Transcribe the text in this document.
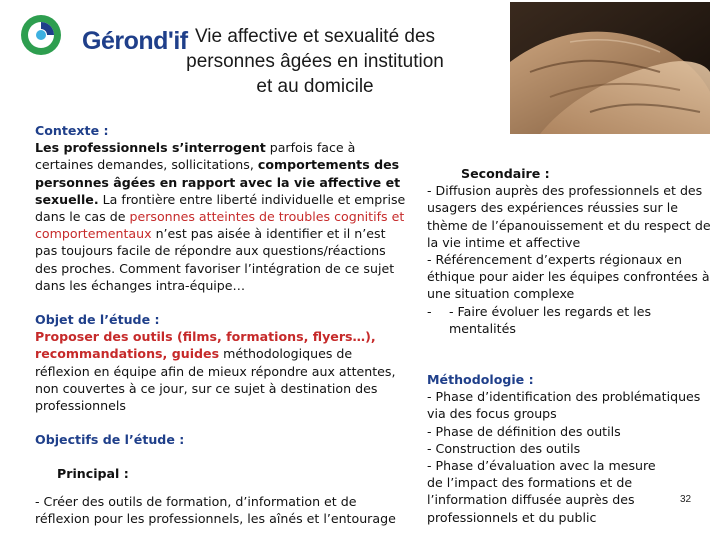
Gérond'if Vie affective et sexualité des
personnes âgées en institution
et au domicile
Contexte :
Les professionnels s’interrogent parfois face à certaines demandes, sollicitations, comportements des personnes âgées en rapport avec la vie affective et sexuelle. La frontière entre liberté individuelle et emprise dans le cas de personnes atteintes de troubles cognitifs et comportementaux n’est pas aisée à identifier et il n’est pas toujours facile de répondre aux questions/réactions des proches. Comment favoriser l’intégration de ce sujet dans les échanges intra-équipe…
Objet de l’étude :
Proposer des outils (films, formations, flyers…), recommandations, guides méthodologiques de réflexion en équipe afin de mieux répondre aux attentes, non couvertes à ce jour, sur ce sujet à destination des professionnels
Objectifs de l’étude :
Principal :
- Créer des outils de formation, d’information et de réflexion pour les professionnels, les aînés et l’entourage
Secondaire :
- Diffusion auprès des professionnels et des usagers des expériences réussies sur le thème de l’épanouissement et du respect de la vie intime et affective
- Référencement d’experts régionaux en éthique pour aider les équipes confrontées à une situation complexe
-	- Faire évoluer les regards et les mentalités
Méthodologie :
- Phase d’identification des problématiques via des focus groups
- Phase de définition des outils
- Construction des outils
- Phase d’évaluation avec la mesure de l’impact des formations et de l’information diffusée auprès des professionnels et du public
32
